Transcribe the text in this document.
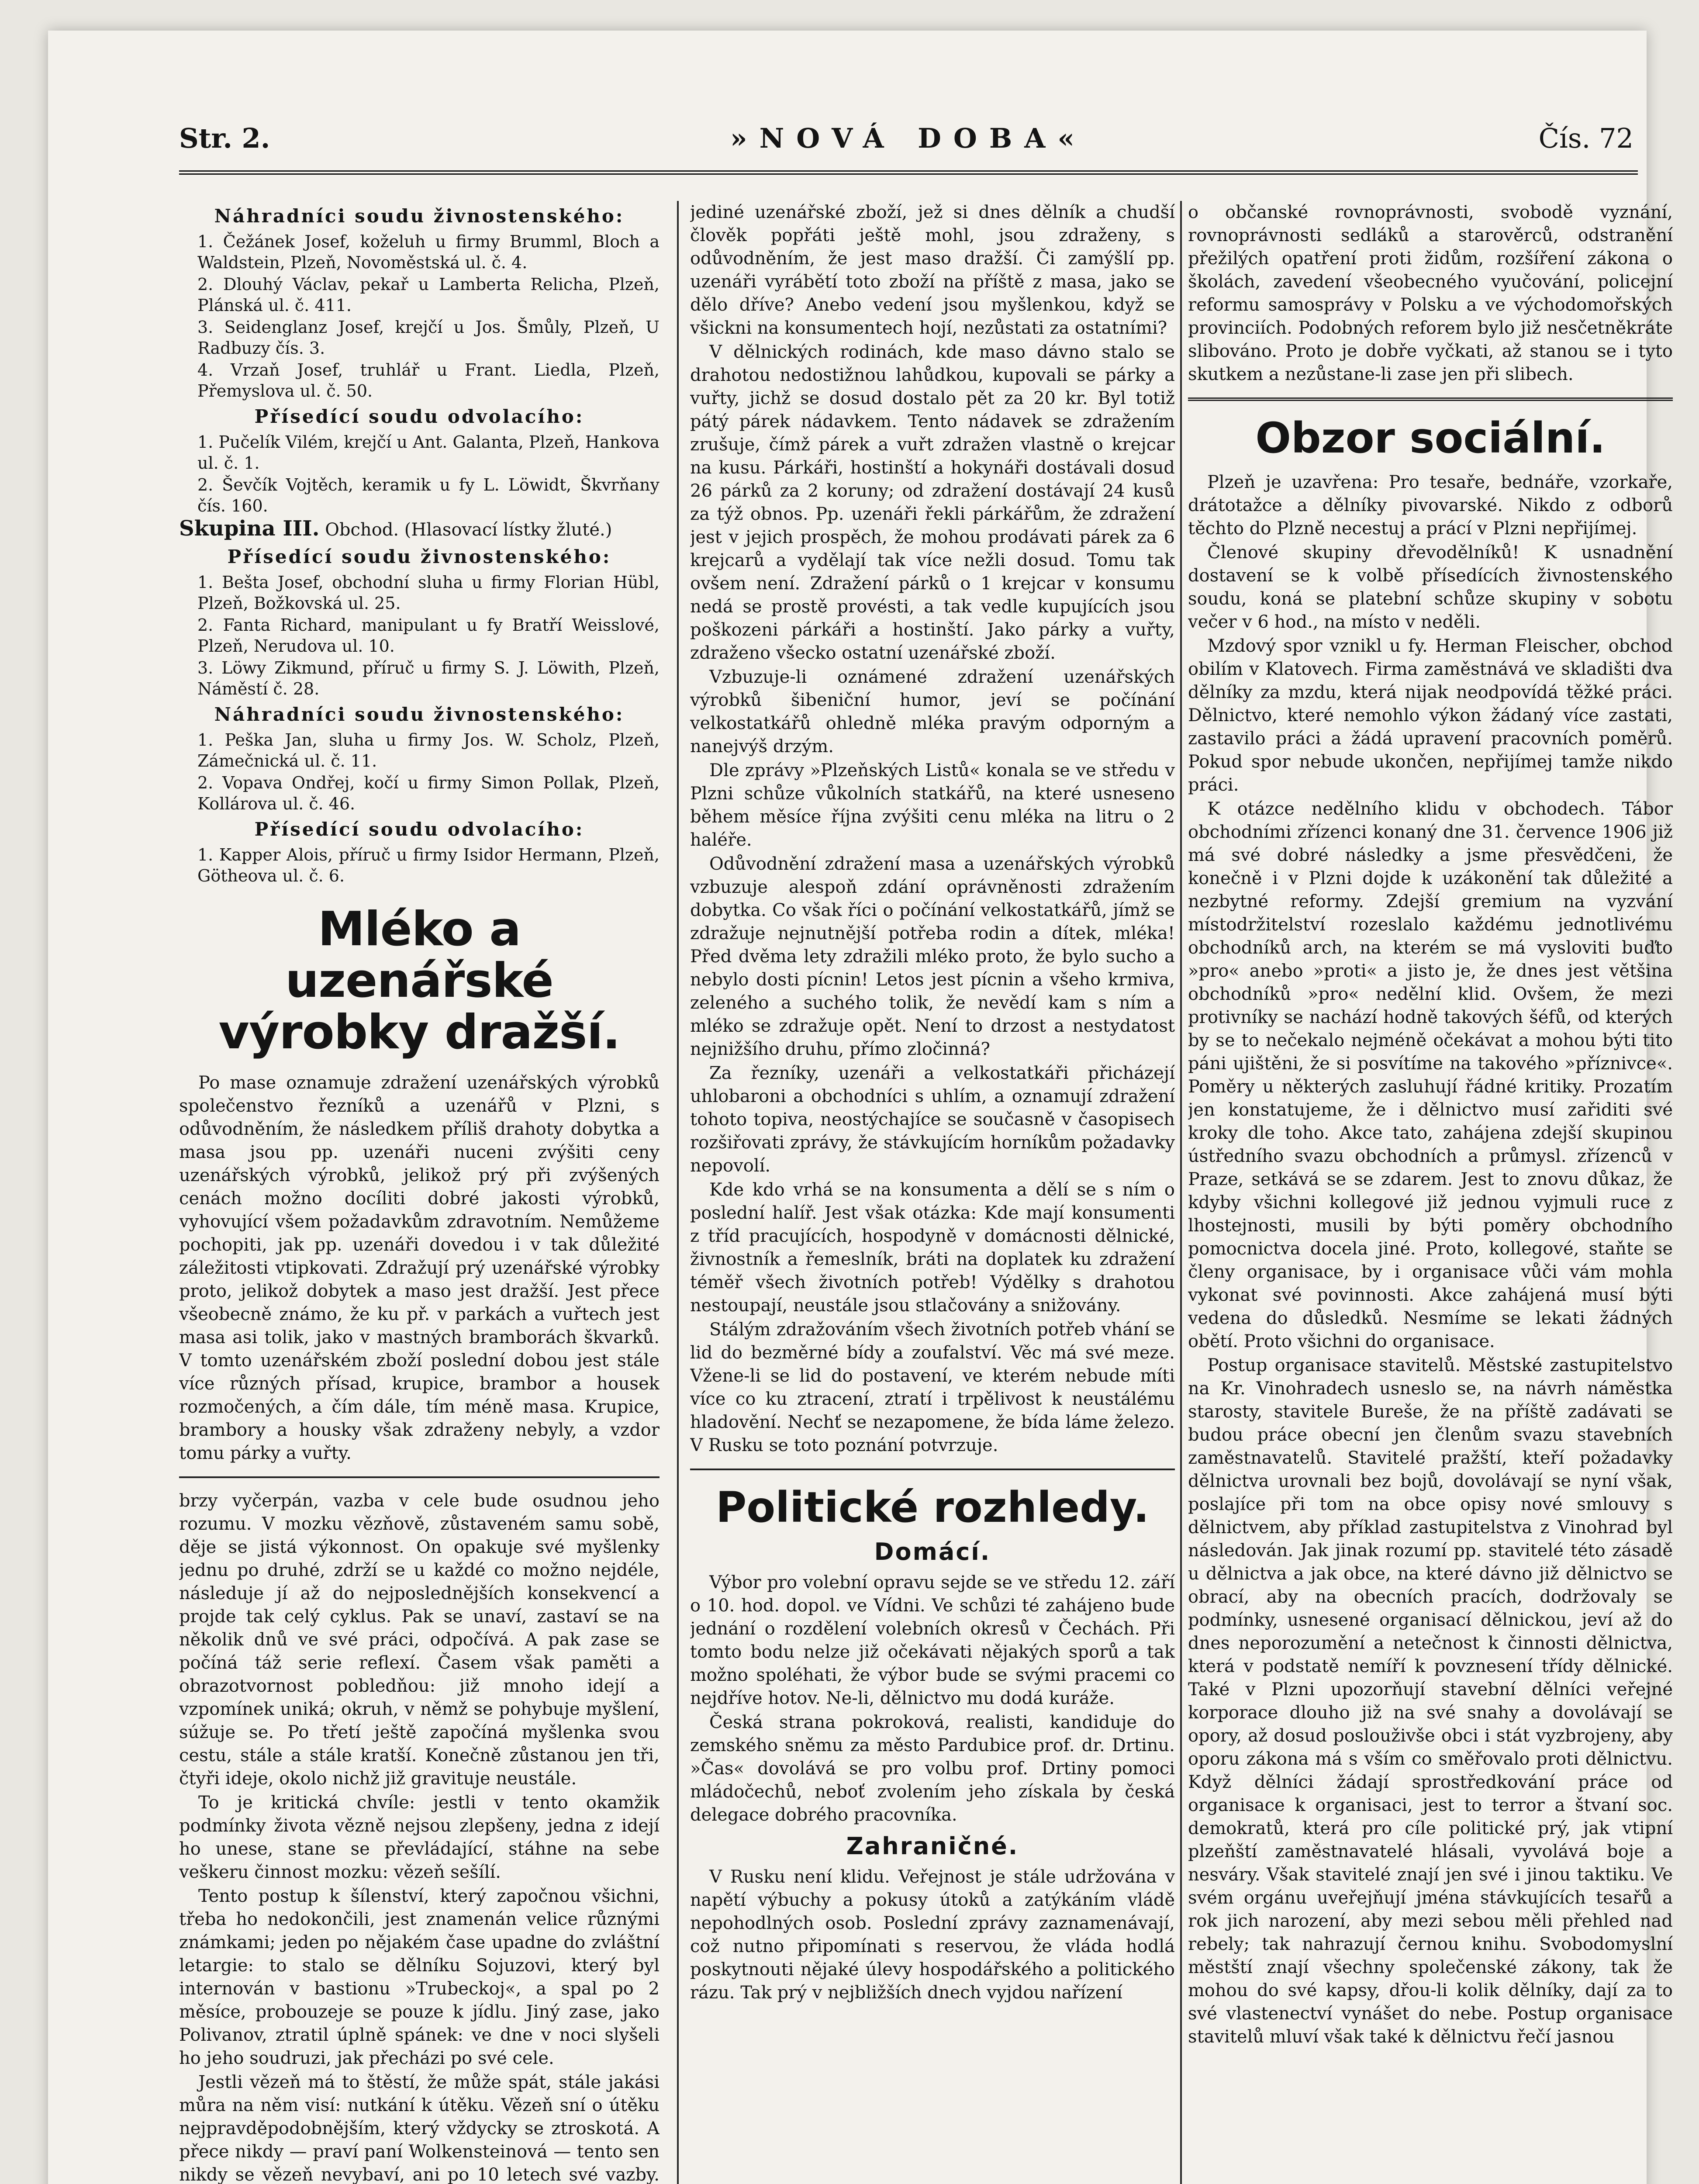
Str. 2.	»NOVÁ DOBA«	Čís. 72

Náhradníci soudu živnostenského:

1. Čežánek Josef, koželuh u firmy Brumml, Bloch a Waldstein, Plzeň, Novoměstská ul. č. 4.

2. Dlouhý Václav, pekař u Lamberta Relicha, Plzeň, Plánská ul. č. 411.

3. Seidenglanz Josef, krejčí u Jos. Šmůly, Plzeň, U Radbuzy čís. 3.

4. Vrzaň Josef, truhlář u Frant. Liedla, Plzeň, Přemyslova ul. č. 50.

Přísedící soudu odvolacího:

1. Pučelík Vilém, krejčí u Ant. Galanta, Plzeň, Hankova ul. č. 1.

2. Ševčík Vojtěch, keramik u fy L. Löwidt, Škvrňany čís. 160.

Skupina III. Obchod. (Hlasovací lístky žluté.)

Přísedící soudu živnostenského:

1. Bešta Josef, obchodní sluha u firmy Florian Hübl, Plzeň, Božkovská ul. 25.

2. Fanta Richard, manipulant u fy Bratří Weisslové, Plzeň, Nerudova ul. 10.

3. Löwy Zikmund, příruč u firmy S. J. Löwith, Plzeň, Náměstí č. 28.

Náhradníci soudu živnostenského:

1. Peška Jan, sluha u firmy Jos. W. Scholz, Plzeň, Zámečnická ul. č. 11.

2. Vopava Ondřej, kočí u firmy Simon Pollak, Plzeň, Kollárova ul. č. 46.

Přísedící soudu odvolacího:

1. Kapper Alois, příruč u firmy Isidor Hermann, Plzeň, Götheova ul. č. 6.

Mléko a uzenářské výrobky dražší.

Po mase oznamuje zdražení uzenářských výrobků společenstvo řezníků a uzenářů v Plzni, s odůvodněním, že následkem příliš drahoty dobytka a masa jsou pp. uzenáři nuceni zvýšiti ceny uzenářských výrobků, jelikož prý při zvýšených cenách možno docíliti dobré jakosti výrobků, vyhovující všem požadavkům zdravotním. Nemůžeme pochopiti, jak pp. uzenáři dovedou i v tak důležité záležitosti vtipkovati. Zdražují prý uzenářské výrobky proto, jelikož dobytek a maso jest dražší. Jest přece všeobecně známo, že ku př. v parkách a vuřtech jest masa asi tolik, jako v mastných bramborách škvarků. V tomto uzenářském zboží poslední dobou jest stále více různých přísad, krupice, brambor a housek rozmočených, a čím dále, tím méně masa. Krupice, brambory a housky však zdraženy nebyly, a vzdor tomu párky a vuřty.

brzy vyčerpán, vazba v cele bude osudnou jeho rozumu. V mozku vězňově, zůstaveném samu sobě, děje se jistá výkonnost. On opakuje své myšlenky jednu po druhé, zdrží se u každé co možno nejdéle, následuje jí až do nejposlednějších konsekvencí a projde tak celý cyklus. Pak se unaví, zastaví se na několik dnů ve své práci, odpočívá. A pak zase se počíná táž serie reflexí. Časem však paměti a obrazotvornost pobledňou: již mnoho idejí a vzpomínek uniká; okruh, v němž se pohybuje myšlení, súžuje se. Po třetí ještě započíná myšlenka svou cestu, stále a stále kratší. Konečně zůstanou jen tři, čtyři ideje, okolo nichž již gravituje neustále.

To je kritická chvíle: jestli v tento okamžik podmínky života vězně nejsou zlepšeny, jedna z idejí ho unese, stane se převládající, stáhne na sebe veškeru činnost mozku: vězeň sešílí.

Tento postup k šílenství, který započnou všichni, třeba ho nedokončili, jest znamenán velice různými známkami; jeden po nějakém čase upadne do zvláštní letargie: to stalo se dělníku Sojuzovi, který byl internován v bastionu »Trubeckoj«, a spal po 2 měsíce, probouzeje se pouze k jídlu. Jiný zase, jako Polivanov, ztratil úplně spánek: ve dne v noci slyšeli ho jeho soudruzi, jak přecházi po své cele.

Jestli vězeň má to štěstí, že může spát, stále jakási můra na něm visí: nutkání k útěku. Vězeň sní o útěku nejpravděpodobnějším, který vždycky se ztroskotá. A přece nikdy — praví paní Wolkensteinová — tento sen nikdy se vězeň nevybaví, ani po 10 letech své vazby.

jediné uzenářské zboží, jež si dnes dělník a chudší člověk popřáti ještě mohl, jsou zdraženy, s odůvodněním, že jest maso dražší. Či zamýšlí pp. uzenáři vyrábětí toto zboží na příště z masa, jako se dělo dříve? Anebo vedení jsou myšlenkou, když se všickni na konsumentech hojí, nezůstati za ostatními?

V dělnických rodinách, kde maso dávno stalo se drahotou nedostižnou lahůdkou, kupovali se párky a vuřty, jichž se dosud dostalo pět za 20 kr. Byl totiž pátý párek nádavkem. Tento nádavek se zdražením zrušuje, čímž párek a vuřt zdražen vlastně o krejcar na kusu. Párkáři, hostinští a hokynáři dostávali dosud 26 párků za 2 koruny; od zdražení dostávají 24 kusů za týž obnos. Pp. uzenáři řekli párkářům, že zdražení jest v jejich prospěch, že mohou prodávati párek za 6 krejcarů a vydělají tak více nežli dosud. Tomu tak ovšem není. Zdražení párků o 1 krejcar v konsumu nedá se prostě provésti, a tak vedle kupujících jsou poškozeni párkáři a hostinští. Jako párky a vuřty, zdraženo všecko ostatní uzenářské zboží.

Vzbuzuje-li oznámené zdražení uzenářských výrobků šibeniční humor, jeví se počínání velkostatkářů ohledně mléka pravým odporným a nanejvýš drzým.

Dle zprávy »Plzeňských Listů« konala se ve středu v Plzni schůze vůkolních statkářů, na které usneseno během měsíce října zvýšiti cenu mléka na litru o 2 haléře.

Odůvodnění zdražení masa a uzenářských výrobků vzbuzuje alespoň zdání oprávněnosti zdražením dobytka. Co však říci o počínání velkostatkářů, jímž se zdražuje nejnutnější potřeba rodin a dítek, mléka! Před dvěma lety zdražili mléko proto, že bylo sucho a nebylo dosti pícnin! Letos jest pícnin a všeho krmiva, zeleného a suchého tolik, že nevědí kam s ním a mléko se zdražuje opět. Není to drzost a nestydatost nejnižšího druhu, přímo zločinná?

Za řezníky, uzenáři a velkostatkáři přicházejí uhlobaroni a obchodníci s uhlím, a oznamují zdražení tohoto topiva, neostýchajíce se současně v časopisech rozšiřovati zprávy, že stávkujícím horníkům požadavky nepovolí.

Kde kdo vrhá se na konsumenta a dělí se s ním o poslední halíř. Jest však otázka: Kde mají konsumenti z tříd pracujících, hospodyně v domácnosti dělnické, živnostník a řemeslník, bráti na doplatek ku zdražení téměř všech životních potřeb! Výdělky s drahotou nestoupají, neustále jsou stlačovány a snižovány.

Stálým zdražováním všech životních potřeb vhání se lid do bezměrné bídy a zoufalství. Věc má své meze. Vžene-li se lid do postavení, ve kterém nebude míti více co ku ztracení, ztratí i trpělivost k neustálému hladovění. Nechť se nezapomene, že bída láme železo. V Rusku se toto poznání potvrzuje.

Politické rozhledy.
Domácí.

Výbor pro volební opravu sejde se ve středu 12. září o 10. hod. dopol. ve Vídni. Ve schůzi té zahájeno bude jednání o rozdělení volebních okresů v Čechách. Při tomto bodu nelze již očekávati nějakých sporů a tak možno spoléhati, že výbor bude se svými pracemi co nejdříve hotov. Ne-li, dělnictvo mu dodá kuráže.

Česká strana pokroková, realisti, kandiduje do zemského sněmu za město Pardubice prof. dr. Drtinu. »Čas« dovolává se pro volbu prof. Drtiny pomoci mládočechů, neboť zvolením jeho získala by česká delegace dobrého pracovníka.

Zahraničné.

V Rusku není klidu. Veřejnost je stále udržována v napětí výbuchy a pokusy útoků a zatýkáním vládě nepohodlných osob. Poslední zprávy zaznamenávají, což nutno připomínati s reservou, že vláda hodlá poskytnouti nějaké úlevy hospodářského a politického rázu. Tak prý v nejbližších dnech vyjdou nařízení

o občanské rovnoprávnosti, svobodě vyznání, rovnoprávnosti sedláků a starověrců, odstranění přežilých opatření proti židům, rozšíření zákona o školách, zavedení všeobecného vyučování, policejní reformu samosprávy v Polsku a ve východomořských provinciích. Podobných reforem bylo již nesčetněkráte slibováno. Proto je dobře vyčkati, až stanou se i tyto skutkem a nezůstane-li zase jen při slibech.

Obzor sociální.

Plzeň je uzavřena: Pro tesaře, bednáře, vzorkaře, drátotažce a dělníky pivovarské. Nikdo z odborů těchto do Plzně necestuj a prácí v Plzni nepřijímej.

Členové skupiny dřevodělníků! K usnadnění dostavení se k volbě přísedících živnostenského soudu, koná se platební schůze skupiny v sobotu večer v 6 hod., na místo v neděli.

Mzdový spor vznikl u fy. Herman Fleischer, obchod obilím v Klatovech. Firma zaměstnává ve skladišti dva dělníky za mzdu, která nijak neodpovídá těžké práci. Dělnictvo, které nemohlo výkon žádaný více zastati, zastavilo práci a žádá upravení pracovních poměrů. Pokud spor nebude ukončen, nepřijímej tamže nikdo práci.

K otázce nedělního klidu v obchodech. Tábor obchodními zřízenci konaný dne 31. července 1906 již má své dobré následky a jsme přesvědčeni, že konečně i v Plzni dojde k uzákonění tak důležité a nezbytné reformy. Zdejší gremium na vyzvání místodržitelství rozeslalo každému jednotlivému obchodníků arch, na kterém se má vysloviti buďto »pro« anebo »proti« a jisto je, že dnes jest většina obchodníků »pro« nedělní klid. Ovšem, že mezi protivníky se nachází hodně takových šéfů, od kterých by se to nečekalo nejméně očekávat a mohou býti tito páni ujištěni, že si posvítíme na takového »příznivce«. Poměry u některých zasluhují řádné kritiky. Prozatím jen konstatujeme, že i dělnictvo musí zařiditi své kroky dle toho. Akce tato, zahájena zdejší skupinou ústředního svazu obchodních a průmysl. zřízenců v Praze, setkává se se zdarem. Jest to znovu důkaz, že kdyby všichni kollegové již jednou vyjmuli ruce z lhostejnosti, musili by býti poměry obchodního pomocnictva docela jiné. Proto, kollegové, staňte se členy organisace, by i organisace vůči vám mohla vykonat své povinnosti. Akce zahájená musí býti vedena do důsledků. Nesmíme se lekati žádných obětí. Proto všichni do organisace.

Postup organisace stavitelů. Městské zastupitelstvo na Kr. Vinohradech usneslo se, na návrh náměstka starosty, stavitele Bureše, že na příště zadávati se budou práce obecní jen členům svazu stavebních zaměstnavatelů. Stavitelé pražští, kteří požadavky dělnictva urovnali bez bojů, dovolávají se nyní však, poslajíce při tom na obce opisy nové smlouvy s dělnictvem, aby příklad zastupitelstva z Vinohrad byl následován. Jak jinak rozumí pp. stavitelé této zásadě u dělnictva a jak obce, na které dávno již dělnictvo se obrací, aby na obecních pracích, dodržovaly se podmínky, usnesené organisací dělnickou, jeví až do dnes neporozumění a netečnost k činnosti dělnictva, která v podstatě nemíří k povznesení třídy dělnické. Také v Plzni upozorňují stavební dělníci veřejné korporace dlouho již na své snahy a dovolávají se opory, až dosud poslouživše obci i stát vyzbrojeny, aby oporu zákona má s vším co směřovalo proti dělnictvu. Když dělníci žádají sprostředkování práce od organisace k organisaci, jest to terror a štvaní soc. demokratů, která pro cíle politické prý, jak vtipní plzeňští zaměstnavatelé hlásali, vyvolává boje a nesváry. Však stavitelé znají jen své i jinou taktiku. Ve svém orgánu uveřejňují jména stávkujících tesařů a rok jich narození, aby mezi sebou měli přehled nad rebely; tak nahrazují černou knihu. Svobodomyslní městští znají všechny společenské zákony, tak že mohou do své kapsy, dřou-li kolik dělníky, dají za to své vlastenectví vynášet do nebe. Postup organisace stavitelů mluví však také k dělnictvu řečí jasnou
